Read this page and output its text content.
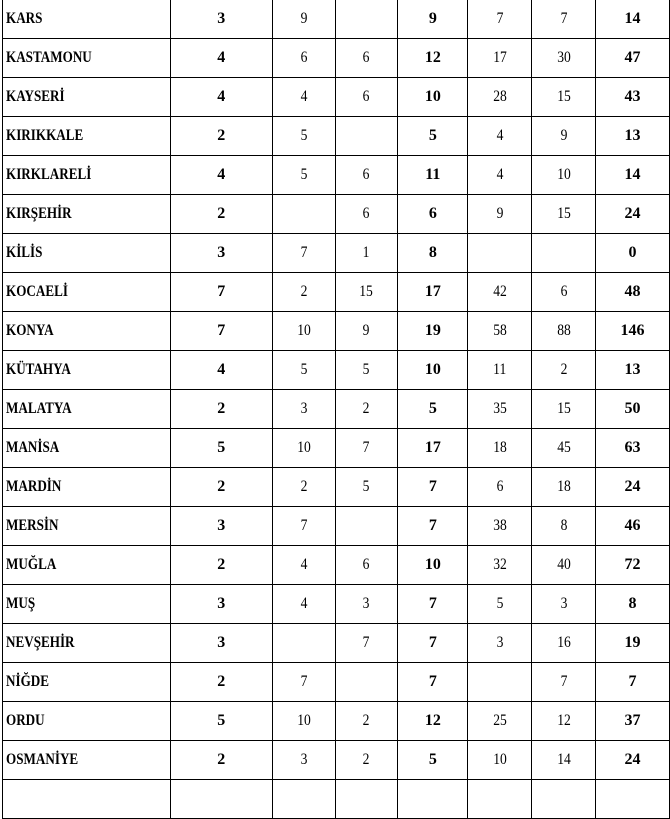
KARS	3	9		9	7	7	14
KASTAMONU	4	6	6	12	17	30	47
KAYSERİ	4	4	6	10	28	15	43
KIRIKKALE	2	5		5	4	9	13
KIRKLARELİ	4	5	6	11	4	10	14
KIRŞEHİR	2		6	6	9	15	24
KİLİS	3	7	1	8			0
KOCAELİ	7	2	15	17	42	6	48
KONYA	7	10	9	19	58	88	146
KÜTAHYA	4	5	5	10	11	2	13
MALATYA	2	3	2	5	35	15	50
MANİSA	5	10	7	17	18	45	63
MARDİN	2	2	5	7	6	18	24
MERSİN	3	7		7	38	8	46
MUĞLA	2	4	6	10	32	40	72
MUŞ	3	4	3	7	5	3	8
NEVŞEHİR	3		7	7	3	16	19
NİĞDE	2	7		7		7	7
ORDU	5	10	2	12	25	12	37
OSMANİYE	2	3	2	5	10	14	24
